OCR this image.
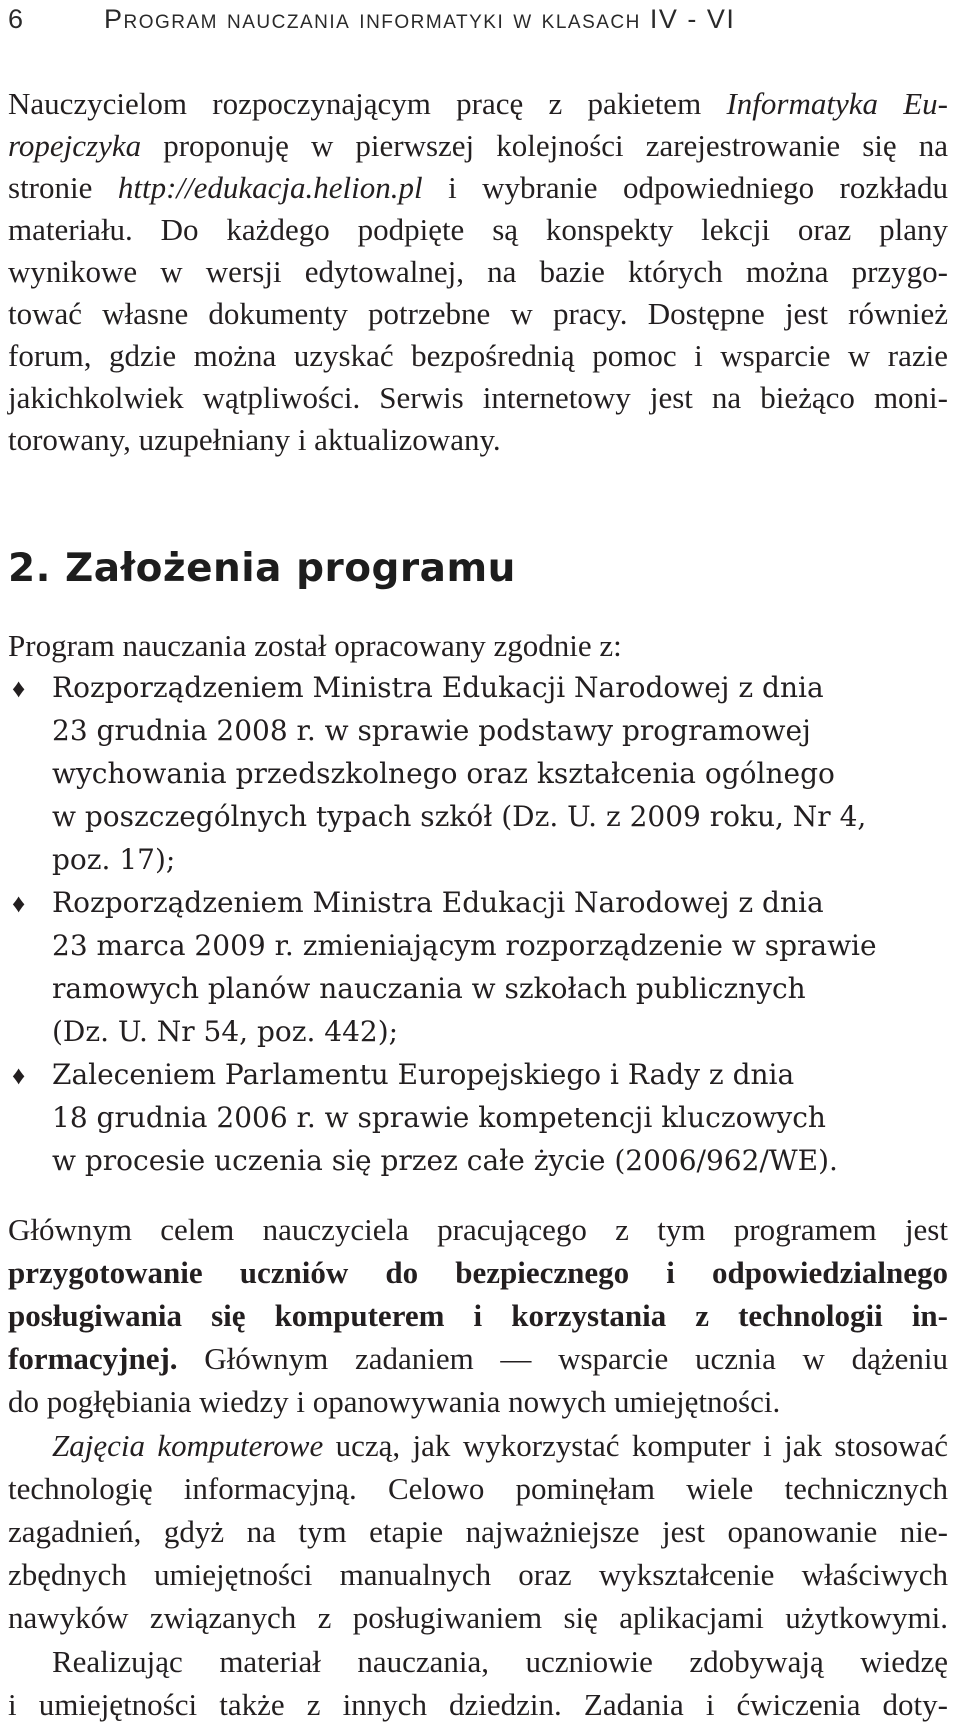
6	Program nauczania informatyki w klasach IV - VI
Nauczycielom rozpoczynającym pracę z pakietem Informatyka Eu-
ropejczyka proponuję w pierwszej kolejności zarejestrowanie się na
stronie http://edukacja.helion.pl i wybranie odpowiedniego rozkładu
materiału. Do każdego podpięte są konspekty lekcji oraz plany
wynikowe w wersji edytowalnej, na bazie których można przygo-
tować własne dokumenty potrzebne w pracy. Dostępne jest również
forum, gdzie można uzyskać bezpośrednią pomoc i wsparcie w razie
jakichkolwiek wątpliwości. Serwis internetowy jest na bieżąco moni-
torowany, uzupełniany i aktualizowany.
2. Założenia programu
Program nauczania został opracowany zgodnie z:
♦ Rozporządzeniem Ministra Edukacji Narodowej z dnia
23 grudnia 2008 r. w sprawie podstawy programowej
wychowania przedszkolnego oraz kształcenia ogólnego
w poszczególnych typach szkół (Dz. U. z 2009 roku, Nr 4,
poz. 17);
♦ Rozporządzeniem Ministra Edukacji Narodowej z dnia
23 marca 2009 r. zmieniającym rozporządzenie w sprawie
ramowych planów nauczania w szkołach publicznych
(Dz. U. Nr 54, poz. 442);
♦ Zaleceniem Parlamentu Europejskiego i Rady z dnia
18 grudnia 2006 r. w sprawie kompetencji kluczowych
w procesie uczenia się przez całe życie (2006/962/WE).
Głównym celem nauczyciela pracującego z tym programem jest
przygotowanie uczniów do bezpiecznego i odpowiedzialnego
posługiwania się komputerem i korzystania z technologii in-
formacyjnej. Głównym zadaniem — wsparcie ucznia w dążeniu
do pogłębiania wiedzy i opanowywania nowych umiejętności.
Zajęcia komputerowe uczą, jak wykorzystać komputer i jak stosować
technologię informacyjną. Celowo pominęłam wiele technicznych
zagadnień, gdyż na tym etapie najważniejsze jest opanowanie nie-
zbędnych umiejętności manualnych oraz wykształcenie właściwych
nawyków związanych z posługiwaniem się aplikacjami użytkowymi.
Realizując materiał nauczania, uczniowie zdobywają wiedzę
i umiejętności także z innych dziedzin. Zadania i ćwiczenia doty-
